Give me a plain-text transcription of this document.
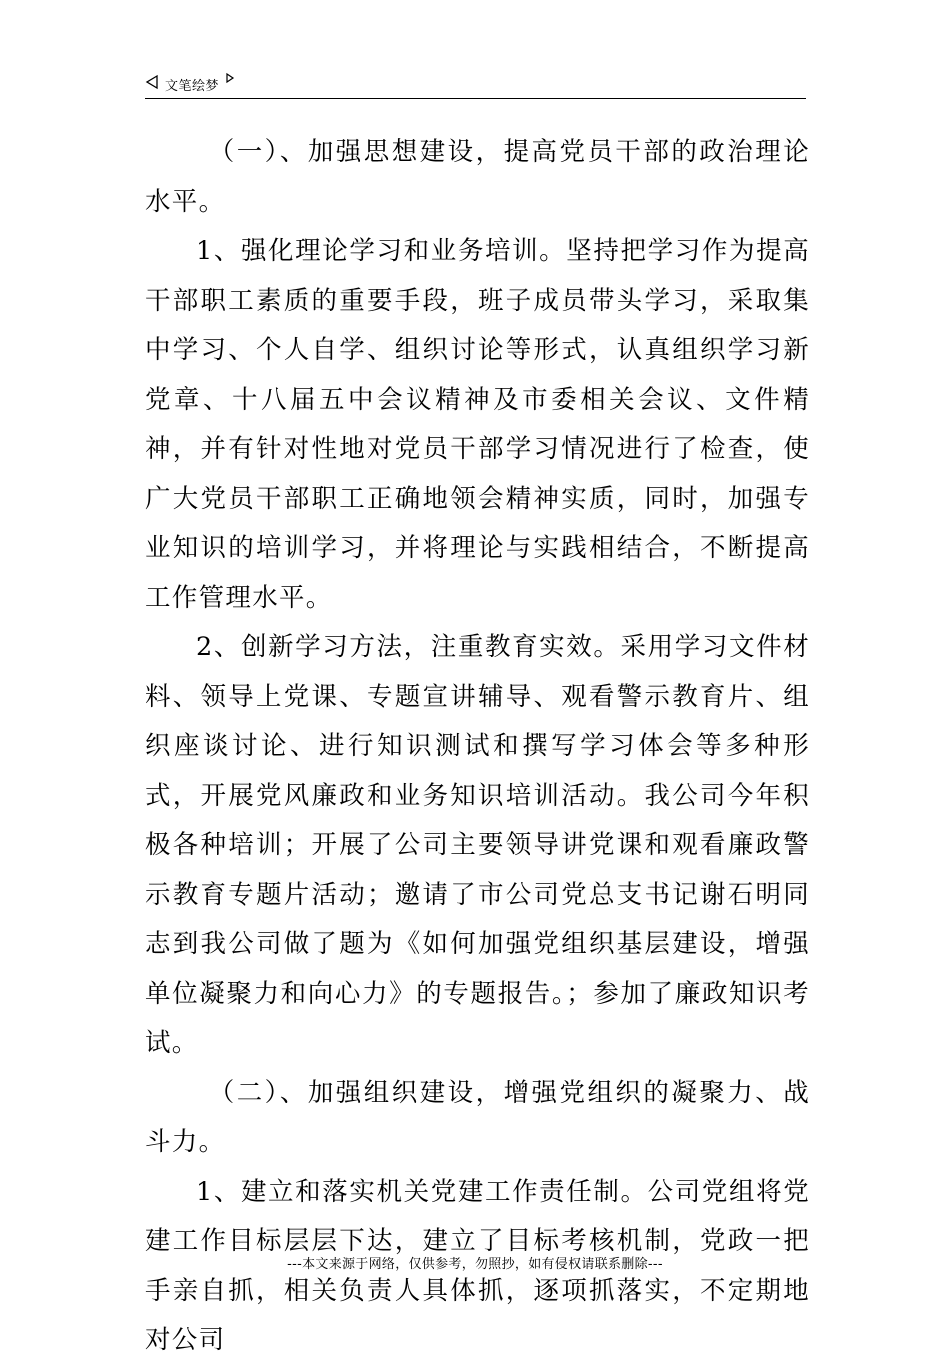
文笔绘梦

（一）、加强思想建设，提高党员干部的政治理论水平。

1、强化理论学习和业务培训。坚持把学习作为提高干部职工素质的重要手段，班子成员带头学习，采取集中学习、个人自学、组织讨论等形式，认真组织学习新党章、十八届五中会议精神及市委相关会议、文件精神，并有针对性地对党员干部学习情况进行了检查，使广大党员干部职工正确地领会精神实质，同时，加强专业知识的培训学习，并将理论与实践相结合，不断提高工作管理水平。

2、创新学习方法，注重教育实效。采用学习文件材料、领导上党课、专题宣讲辅导、观看警示教育片、组织座谈讨论、进行知识测试和撰写学习体会等多种形式，开展党风廉政和业务知识培训活动。我公司今年积极各种培训；开展了公司主要领导讲党课和观看廉政警示教育专题片活动；邀请了市公司党总支书记谢石明同志到我公司做了题为《如何加强党组织基层建设，增强单位凝聚力和向心力》的专题报告。；参加了廉政知识考试。

（二）、加强组织建设，增强党组织的凝聚力、战斗力。

1、建立和落实机关党建工作责任制。公司党组将党建工作目标层层下达，建立了目标考核机制，党政一把手亲自抓，相关负责人具体抓，逐项抓落实，不定期地对公司

---本文来源于网络，仅供参考，勿照抄，如有侵权请联系删除---
